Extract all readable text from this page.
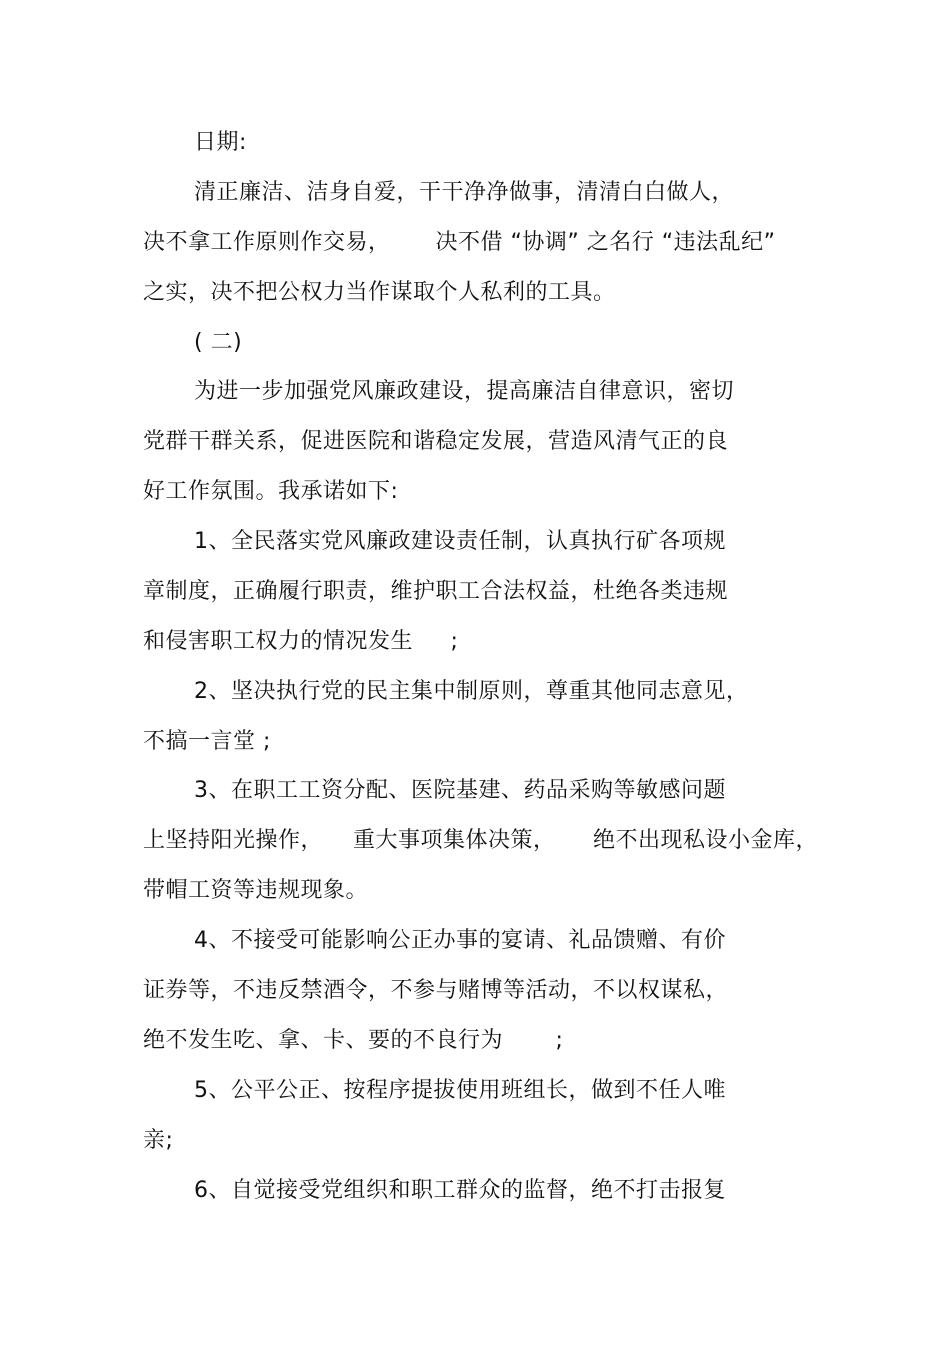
日期:
清正廉洁、洁身自爱，干干净净做事，清清白白做人，
决不拿工作原则作交易，      决不借 “协调” 之名行 “违法乱纪”
之实，决不把公权力当作谋取个人私利的工具。
( 二)
为进一步加强党风廉政建设，提高廉洁自律意识，密切
党群干群关系，促进医院和谐稳定发展，营造风清气正的良
好工作氛围。我承诺如下:
1、全民落实党风廉政建设责任制，认真执行矿各项规
章制度，正确履行职责，维护职工合法权益，杜绝各类违规
和侵害职工权力的情况发生     ;
2、坚决执行党的民主集中制原则，尊重其他同志意见，
不搞一言堂 ;
3、在职工工资分配、医院基建、药品采购等敏感问题
上坚持阳光操作，    重大事项集体决策，     绝不出现私设小金库，
带帽工资等违规现象。
4、不接受可能影响公正办事的宴请、礼品馈赠、有价
证券等，不违反禁酒令，不参与赌博等活动，不以权谋私，
绝不发生吃、拿、卡、要的不良行为       ;
5、公平公正、按程序提拔使用班组长，做到不任人唯
亲;
6、自觉接受党组织和职工群众的监督，绝不打击报复
